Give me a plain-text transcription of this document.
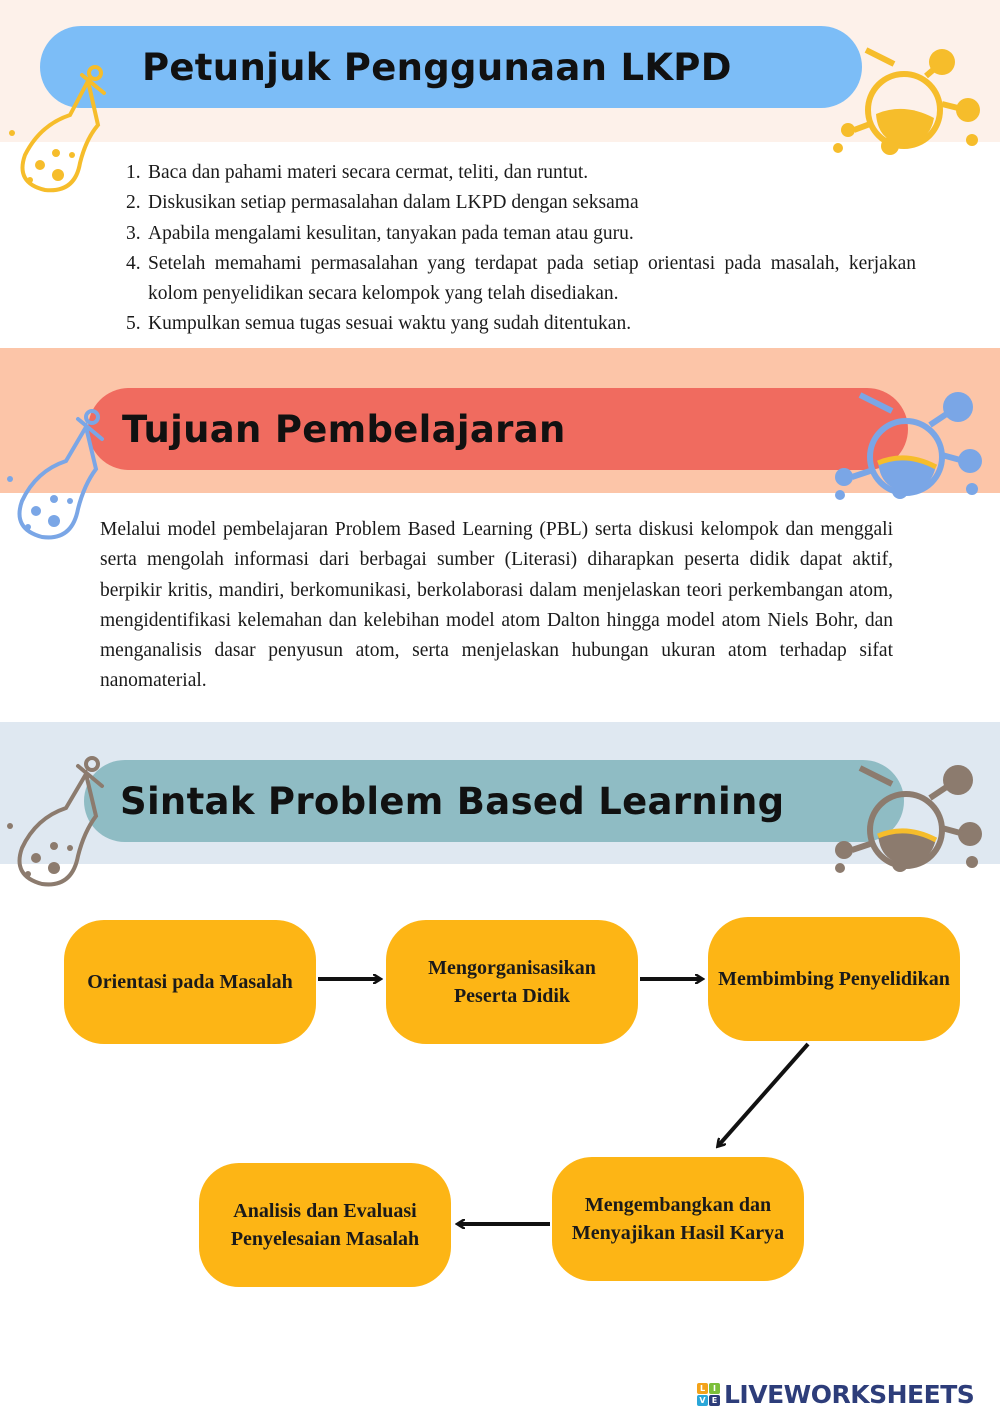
Petunjuk Penggunaan LKPD
1. Baca dan pahami materi secara cermat, teliti, dan runtut.
2. Diskusikan setiap permasalahan dalam LKPD dengan seksama
3. Apabila mengalami kesulitan, tanyakan pada teman atau guru.
4. Setelah memahami permasalahan yang terdapat pada setiap orientasi pada masalah, kerjakan kolom penyelidikan secara kelompok yang telah disediakan.
5. Kumpulkan semua tugas sesuai waktu yang sudah ditentukan.
Tujuan Pembelajaran

Melalui model pembelajaran Problem Based Learning (PBL) serta diskusi kelompok dan menggali serta mengolah informasi dari berbagai sumber (Literasi) diharapkan peserta didik dapat aktif, berpikir kritis, mandiri, berkomunikasi, berkolaborasi dalam menjelaskan teori perkembangan atom, mengidentifikasi kelemahan dan kelebihan model atom Dalton hingga model atom Niels Bohr, dan menganalisis dasar penyusun atom, serta menjelaskan hubungan ukuran atom terhadap sifat nanomaterial.

Sintak Problem Based Learning
Orientasi pada Masalah
Mengorganisasikan Peserta Didik
Membimbing Penyelidikan
Mengembangkan dan Menyajikan Hasil Karya
Analisis dan Evaluasi Penyelesaian Masalah
L I
V E LIVEWORKSHEETS
